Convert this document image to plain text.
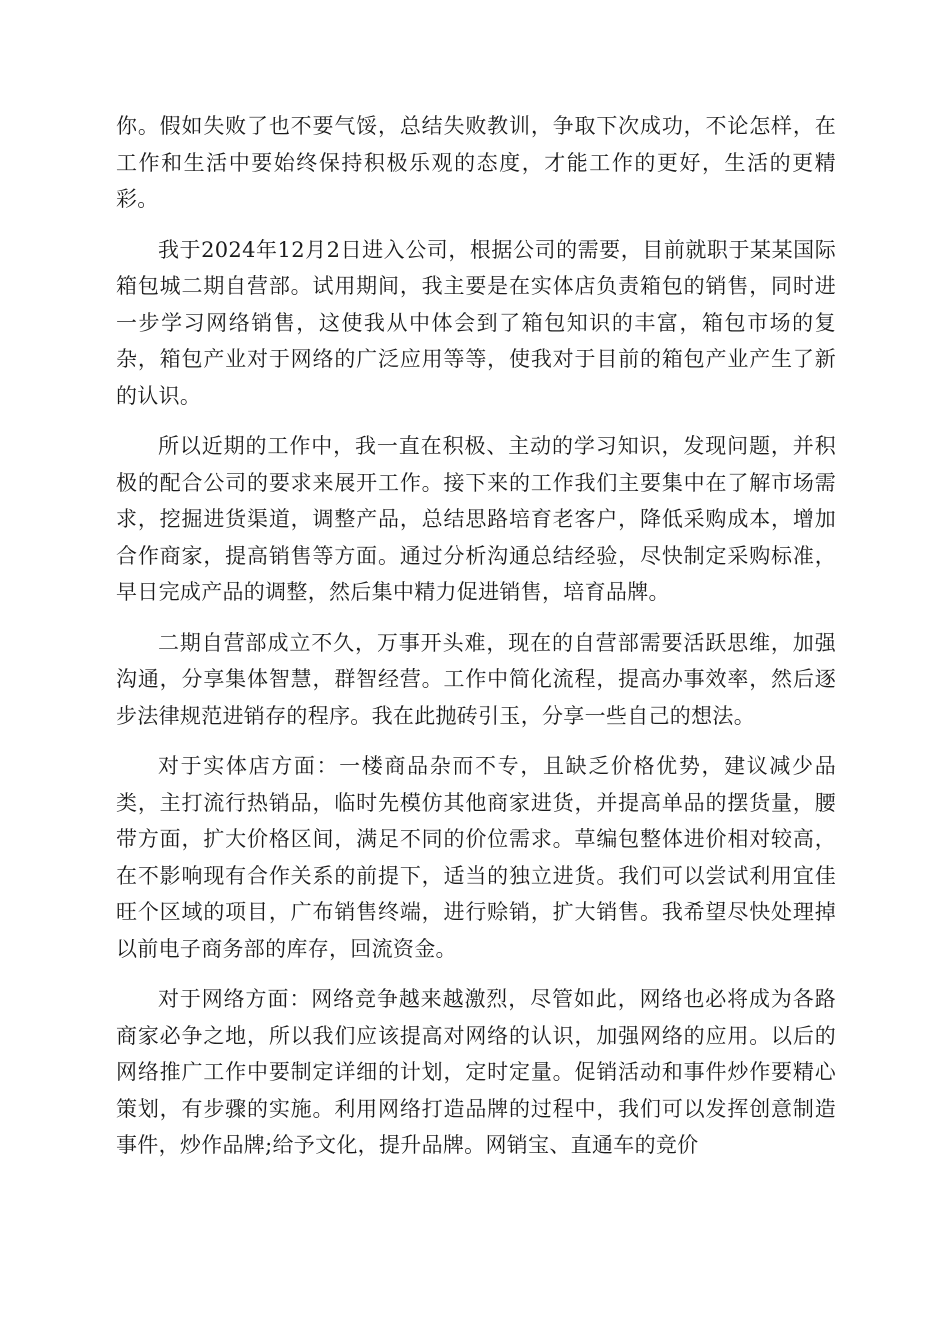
你。假如失败了也不要气馁，总结失败教训，争取下次成功，不论怎样，在工作和生活中要始终保持积极乐观的态度，才能工作的更好，生活的更精彩。

我于2024年12月2日进入公司，根据公司的需要，目前就职于某某国际箱包城二期自营部。试用期间，我主要是在实体店负责箱包的销售，同时进一步学习网络销售，这使我从中体会到了箱包知识的丰富，箱包市场的复杂，箱包产业对于网络的广泛应用等等，使我对于目前的箱包产业产生了新的认识。

所以近期的工作中，我一直在积极、主动的学习知识，发现问题，并积极的配合公司的要求来展开工作。接下来的工作我们主要集中在了解市场需求，挖掘进货渠道，调整产品，总结思路培育老客户，降低采购成本，增加合作商家，提高销售等方面。通过分析沟通总结经验，尽快制定采购标准，早日完成产品的调整，然后集中精力促进销售，培育品牌。

二期自营部成立不久，万事开头难，现在的自营部需要活跃思维，加强沟通，分享集体智慧，群智经营。工作中简化流程，提高办事效率，然后逐步法律规范进销存的程序。我在此抛砖引玉，分享一些自己的想法。

对于实体店方面：一楼商品杂而不专，且缺乏价格优势，建议减少品类，主打流行热销品，临时先模仿其他商家进货，并提高单品的摆货量，腰带方面，扩大价格区间，满足不同的价位需求。草编包整体进价相对较高，在不影响现有合作关系的前提下，适当的独立进货。我们可以尝试利用宜佳旺个区域的项目，广布销售终端，进行赊销，扩大销售。我希望尽快处理掉以前电子商务部的库存，回流资金。

对于网络方面：网络竞争越来越激烈，尽管如此，网络也必将成为各路商家必争之地，所以我们应该提高对网络的认识，加强网络的应用。以后的网络推广工作中要制定详细的计划，定时定量。促销活动和事件炒作要精心策划，有步骤的实施。利用网络打造品牌的过程中，我们可以发挥创意制造事件，炒作品牌;给予文化，提升品牌。网销宝、直通车的竞价
